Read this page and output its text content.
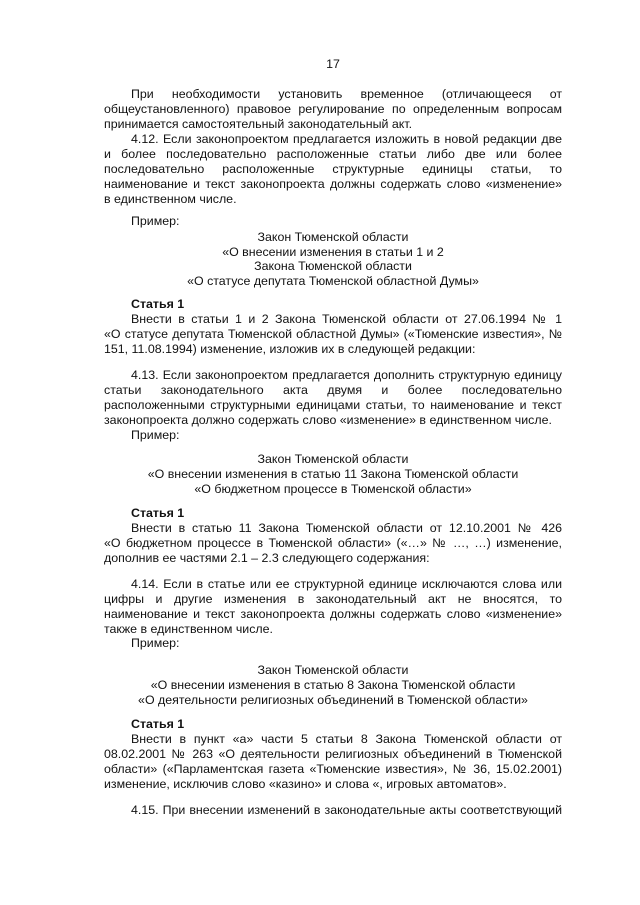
17
При необходимости установить временное (отличающееся от
общеустановленного) правовое регулирование по определенным вопросам
принимается самостоятельный законодательный акт.
4.12. Если законопроектом предлагается изложить в новой редакции две
и более последовательно расположенные статьи либо две или более
последовательно расположенные структурные единицы статьи, то
наименование и текст законопроекта должны содержать слово «изменение»
в единственном числе.
Пример:
Закон Тюменской области
«О внесении изменения в статьи 1 и 2
Закона Тюменской области
«О статусе депутата Тюменской областной Думы»
Статья 1
Внести в статьи 1 и 2 Закона Тюменской области от 27.06.1994 № 1
«О статусе депутата Тюменской областной Думы» («Тюменские известия», №
151, 11.08.1994) изменение, изложив их в следующей редакции:
4.13. Если законопроектом предлагается дополнить структурную единицу
статьи законодательного акта двумя и более последовательно
расположенными структурными единицами статьи, то наименование и текст
законопроекта должно содержать слово «изменение» в единственном числе.
Пример:
Закон Тюменской области
«О внесении изменения в статью 11 Закона Тюменской области
«О бюджетном процессе в Тюменской области»
Статья 1
Внести в статью 11 Закона Тюменской области от 12.10.2001 № 426
«О бюджетном процессе в Тюменской области» («…» № …, …) изменение,
дополнив ее частями 2.1 – 2.3 следующего содержания:
4.14. Если в статье или ее структурной единице исключаются слова или
цифры и другие изменения в законодательный акт не вносятся, то
наименование и текст законопроекта должны содержать слово «изменение»
также в единственном числе.
Пример:
Закон Тюменской области
«О внесении изменения в статью 8 Закона Тюменской области
«О деятельности религиозных объединений в Тюменской области»
Статья 1
Внести в пункт «а» части 5 статьи 8 Закона Тюменской области от
08.02.2001 № 263 «О деятельности религиозных объединений в Тюменской
области» («Парламентская газета «Тюменские известия», № 36, 15.02.2001)
изменение, исключив слово «казино» и слова «, игровых автоматов».
4.15. При внесении изменений в законодательные акты соответствующий
